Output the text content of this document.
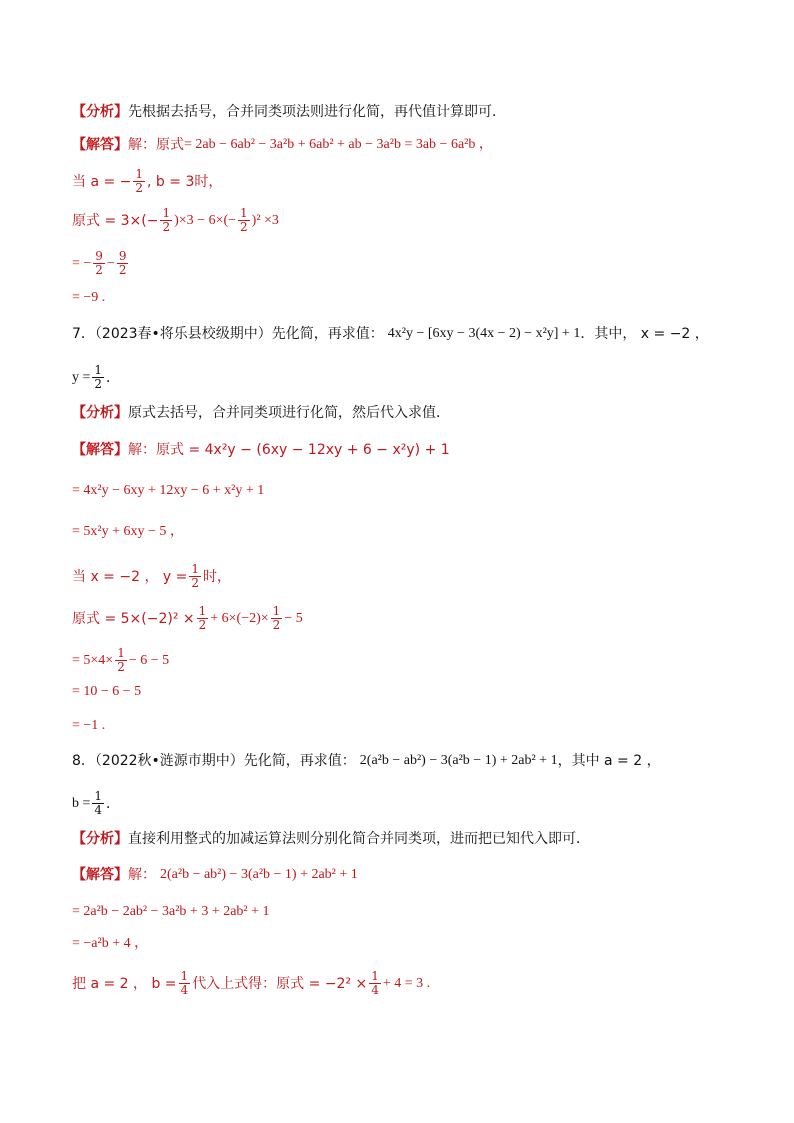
【分析】 先根据去括号，合并同类项法则进行化简，再代值计算即可．
【解答】 解：原式 = 2ab − 6ab² − 3a²b + 6ab² + ab − 3a²b = 3ab − 6a²b ，
当 a = − $\frac{1}{2}$ , b = 3时，
原式 = $3\times(- \frac{1}{2} )\times 3 - 6\times(- \frac{1}{2} )^2 \times 3$
= − $\frac{9}{2} - \frac{9}{2}$
= −9 .
7．（2023春•将乐县校级期中）先化简，再求值： 4x²y − [6xy − 3(4x − 2) − x²y] + 1 ．其中， x = −2 ，
$y = \frac{1}{2}$ ．
【分析】 原式去括号，合并同类项进行化简，然后代入求值．
【解答】 解：原式 = 4x²y − (6xy − 12xy + 6 − x²y) + 1
= 4x²y − 6xy + 12xy − 6 + x²y + 1
= 5x²y + 6xy − 5 ，
当 x = −2 ， $y = \frac{1}{2}$ 时，
原式 = $5\times(-2)^2 \times \frac{1}{2} + 6\times(-2)\times \frac{1}{2} - 5$
= $5\times 4\times \frac{1}{2} - 6 - 5$
= 10 − 6 − 5
= −1 .
8．（2022秋•涟源市期中）先化简，再求值： 2(a²b − ab²) − 3(a²b − 1) + 2ab² + 1 ，其中 a = 2 ，
$b = \frac{1}{4}$ ．
【分析】 直接利用整式的加减运算法则分别化简合并同类项，进而把已知代入即可．
【解答】 解： 2(a²b − ab²) − 3(a²b − 1) + 2ab² + 1
= 2a²b − 2ab² − 3a²b + 3 + 2ab² + 1
= −a²b + 4 ，
把 a = 2 ， $b = \frac{1}{4}$ 代入上式得：原式 = $-2^2 \times \frac{1}{4} + 4 = 3$ .
